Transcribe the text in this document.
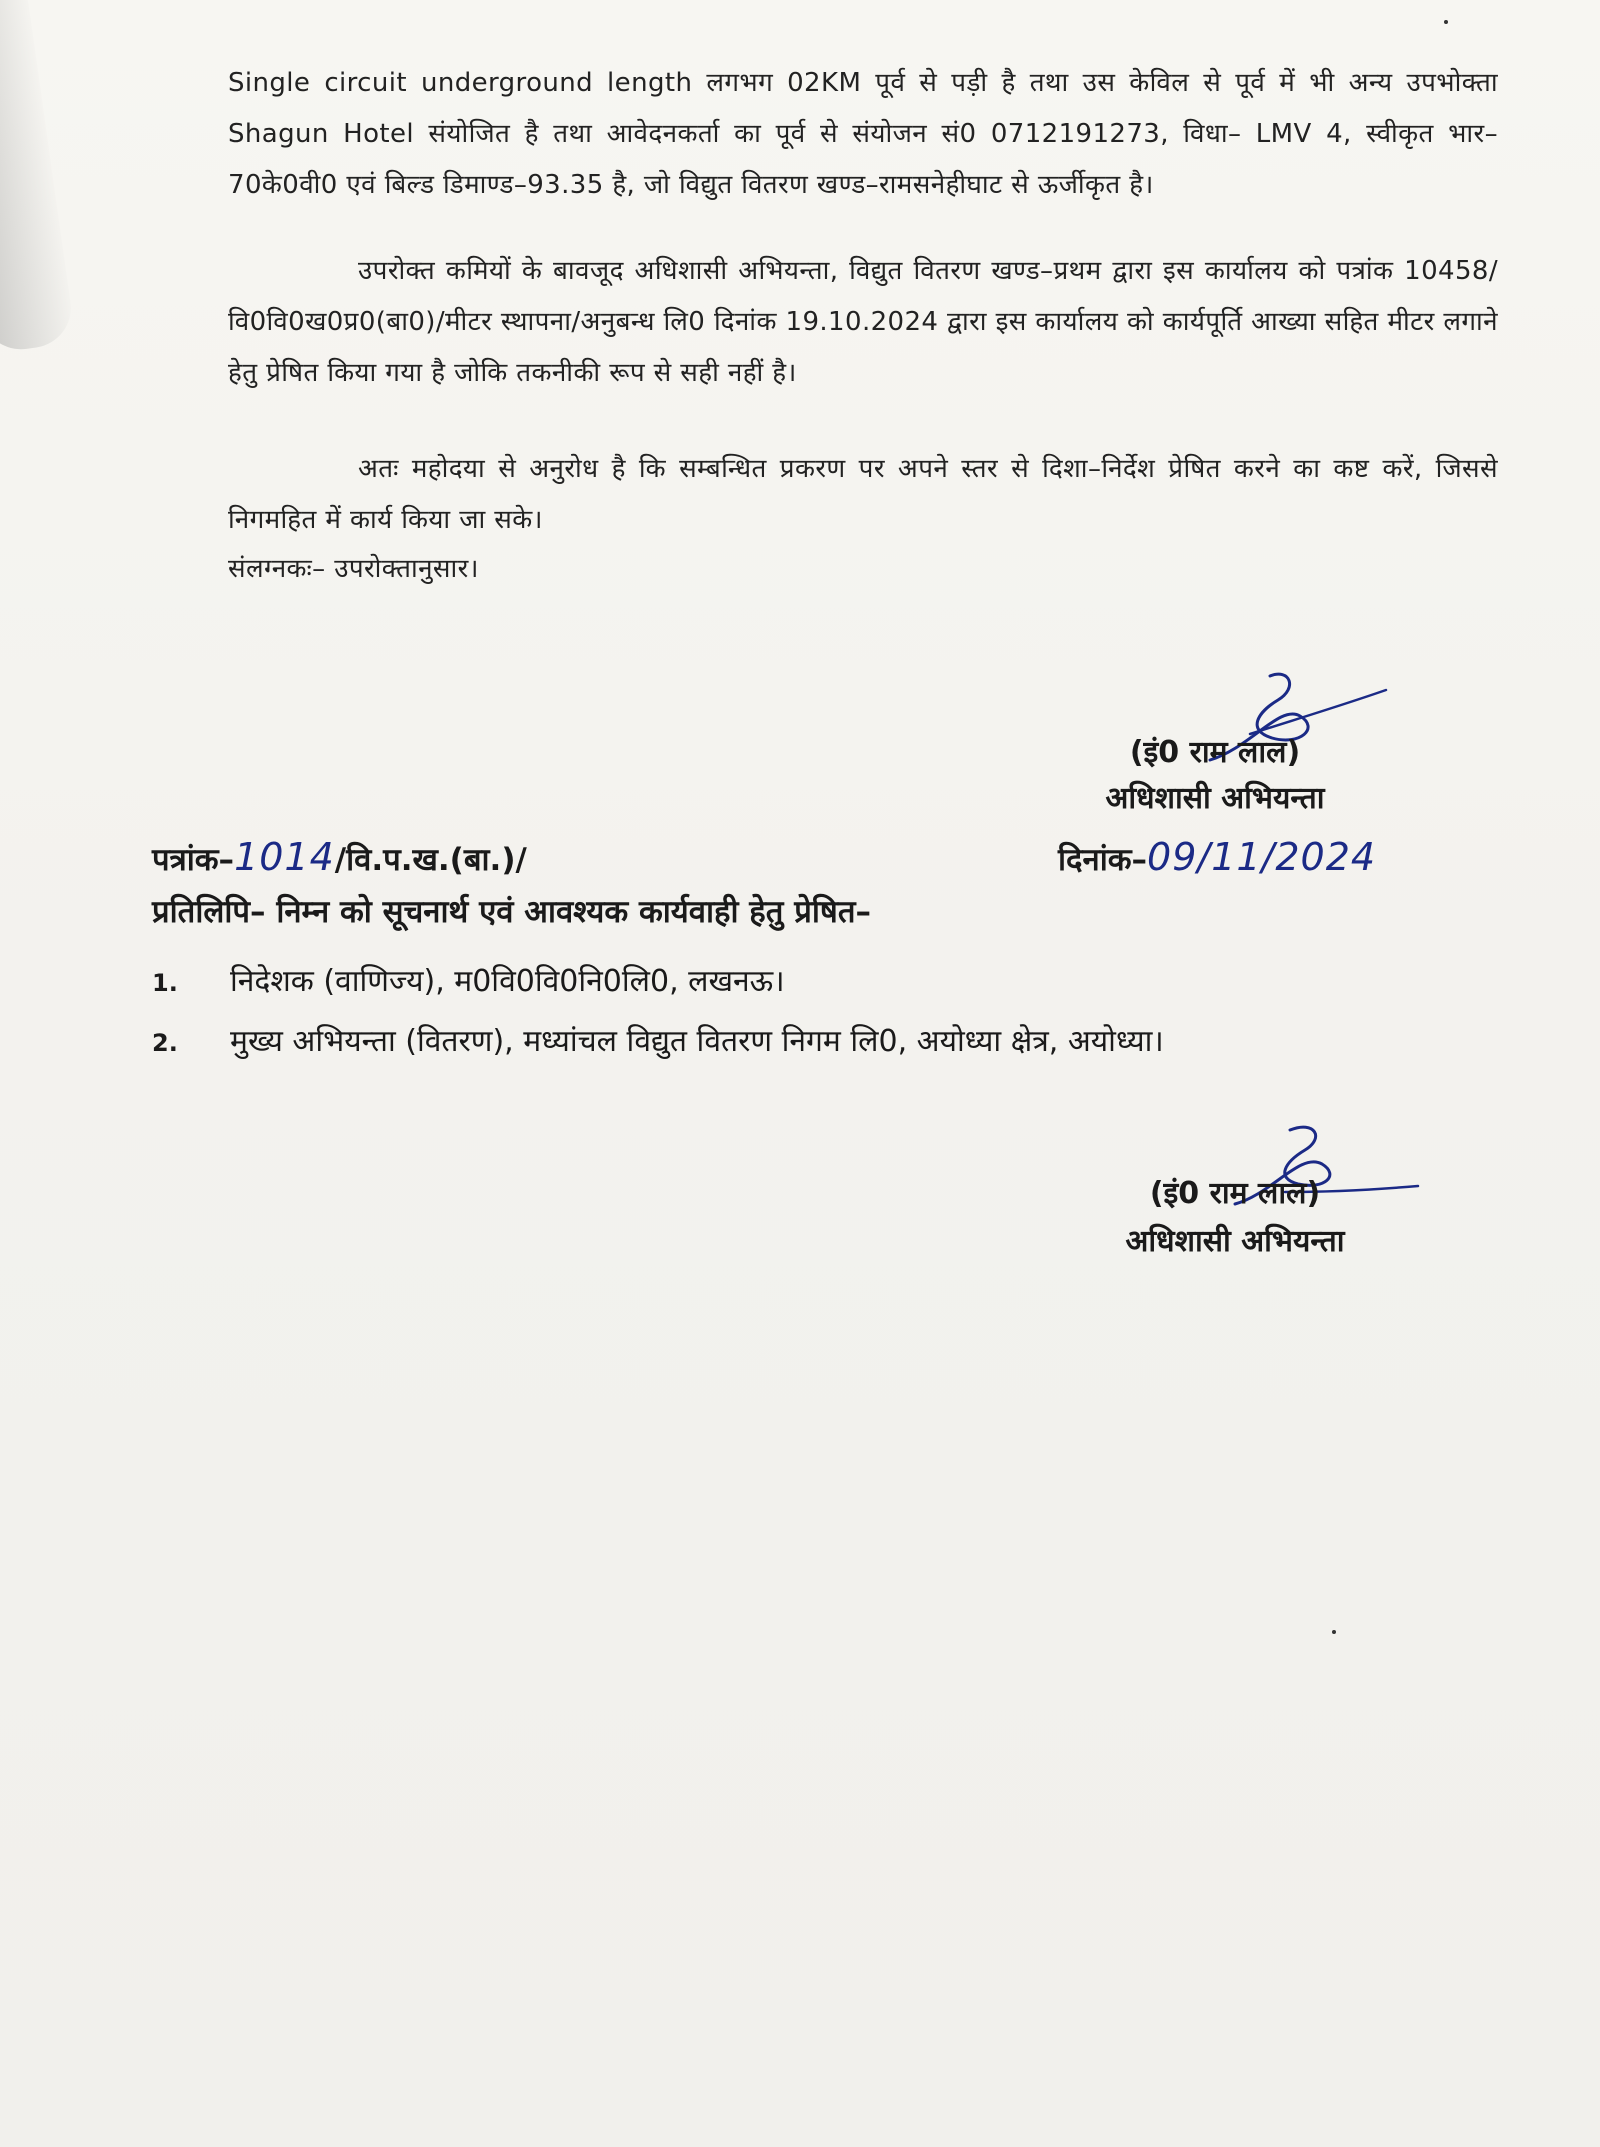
Single circuit underground length लगभग 02KM पूर्व से पड़ी है तथा उस केविल से पूर्व में भी अन्य उपभोक्ता Shagun Hotel संयोजित है तथा आवेदनकर्ता का पूर्व से संयोजन सं0 0712191273, विधा– LMV 4, स्वीकृत भार–70के0वी0 एवं बिल्ड डिमाण्ड–93.35 है, जो विद्युत वितरण खण्ड–रामसनेहीघाट से ऊर्जीकृत है।
उपरोक्त कमियों के बावजूद अधिशासी अभियन्ता, विद्युत वितरण खण्ड–प्रथम द्वारा इस कार्यालय को पत्रांक 10458/वि0वि0ख0प्र0(बा0)/मीटर स्थापना/अनुबन्ध लि0 दिनांक 19.10.2024 द्वारा इस कार्यालय को कार्यपूर्ति आख्या सहित मीटर लगाने हेतु प्रेषित किया गया है जोकि तकनीकी रूप से सही नहीं है।
अतः महोदया से अनुरोध है कि सम्बन्धित प्रकरण पर अपने स्तर से दिशा–निर्देश प्रेषित करने का कष्ट करें, जिससे निगमहित में कार्य किया जा सके।
संलग्नकः– उपरोक्तानुसार।
(इं0 राम लाल)
अधिशासी अभियन्ता
पत्रांक–1014/वि.प.ख.(बा.)/	दिनांक–09/11/2024
प्रतिलिपि– निम्न को सूचनार्थ एवं आवश्यक कार्यवाही हेतु प्रेषित–
1. निदेशक (वाणिज्य), म0वि0वि0नि0लि0, लखनऊ।
2. मुख्य अभियन्ता (वितरण), मध्यांचल विद्युत वितरण निगम लि0, अयोध्या क्षेत्र, अयोध्या।
(इं0 राम लाल)
अधिशासी अभियन्ता
